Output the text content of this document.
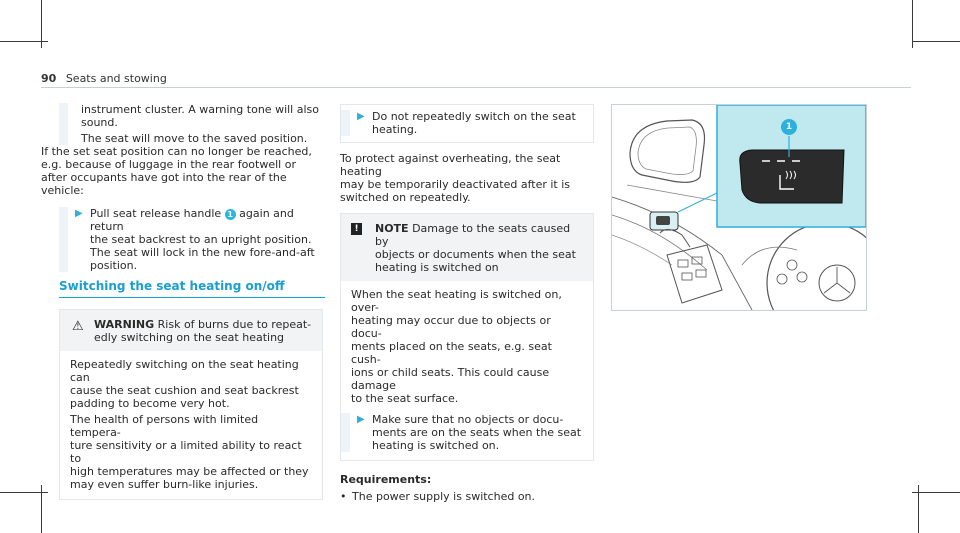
90 Seats and stowing

instrument cluster. A warning tone will also

sound.

The seat will move to the saved position.

If the set seat position can no longer be reached,

e.g. because of luggage in the rear footwell or

after occupants have got into the rear of the

vehicle:

▶ Pull seat release handle 1 again and return

the seat backrest to an upright position.

The seat will lock in the new fore-and-aft

position.

Switching the seat heating on/off
⚠ WARNING Risk of burns due to repeat-
edly switching on the seat heating

Repeatedly switching on the seat heating can

cause the seat cushion and seat backrest

padding to become very hot.

The health of persons with limited tempera-

ture sensitivity or a limited ability to react to

high temperatures may be affected or they

may even suffer burn-like injuries.

▶ Do not repeatedly switch on the seat

heating.

To protect against overheating, the seat heating

may be temporarily deactivated after it is

switched on repeatedly.

!	NOTE Damage to the seats caused by
objects or documents when the seat
heating is switched on

When the seat heating is switched on, over-

heating may occur due to objects or docu-

ments placed on the seats, e.g. seat cush-

ions or child seats. This could cause damage

to the seat surface.

▶ Make sure that no objects or docu-

ments are on the seats when the seat

heating is switched on.

Requirements:

• The power supply is switched on.

1
